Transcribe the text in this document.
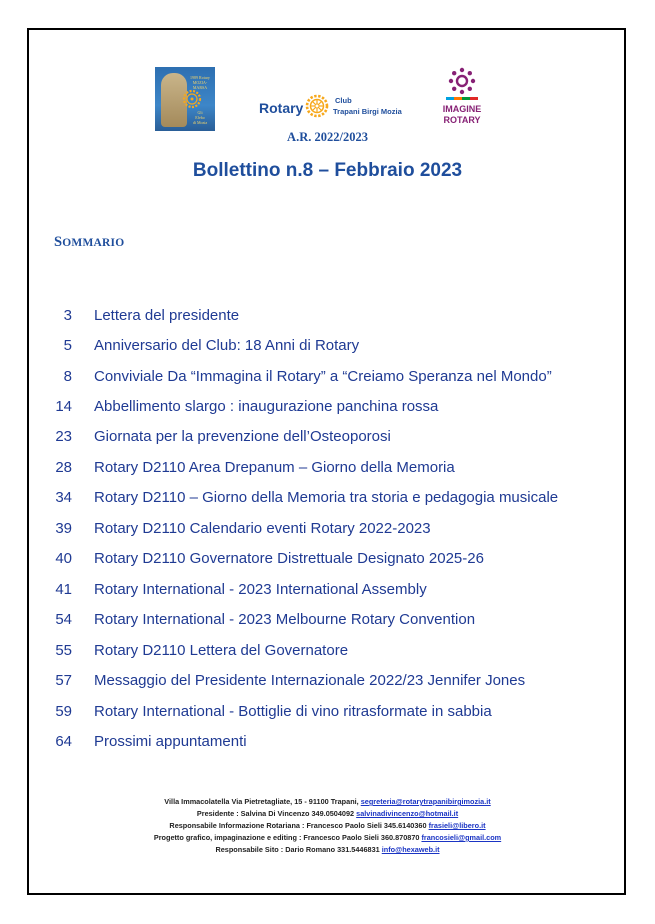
1989 Rotary
MOZIA-MARSA
Gli
Efebo
di Mozia
Rotary	Club
Trapani Birgi Mozia	IMAGINE
ROTARY
A.R. 2022/2023
Bollettino n.8 – Febbraio 2023
SOMMARIO
3 Lettera del presidente
5 Anniversario del Club: 18 Anni di Rotary
8 Conviviale Da “Immagina il Rotary” a “Creiamo Speranza nel Mondo”
14 Abbellimento slargo : inaugurazione panchina rossa
23 Giornata per la prevenzione dell’Osteoporosi
28 Rotary D2110 Area Drepanum – Giorno della Memoria
34 Rotary D2110 – Giorno della Memoria tra storia e pedagogia musicale
39 Rotary D2110 Calendario eventi Rotary 2022-2023
40 Rotary D2110 Governatore Distrettuale Designato 2025-26
41 Rotary International - 2023 International Assembly
54 Rotary International - 2023 Melbourne Rotary Convention
55 Rotary D2110 Lettera del Governatore
57 Messaggio del Presidente Internazionale 2022/23 Jennifer Jones
59 Rotary International - Bottiglie di vino ritrasformate in sabbia
64 Prossimi appuntamenti
Villa Immacolatella Via Pietretagliate, 15 - 91100 Trapani, segreteria@rotarytrapanibirgimozia.it
Presidente : Salvina Di Vincenzo 349.0504092 salvinadivincenzo@hotmail.it
Responsabile Informazione Rotariana : Francesco Paolo Sieli 345.6140360 frasieli@libero.it
Progetto grafico, impaginazione e editing : Francesco Paolo Sieli 360.870870 francosieli@gmail.com
Responsabile Sito : Dario Romano 331.5446831 info@hexaweb.it
